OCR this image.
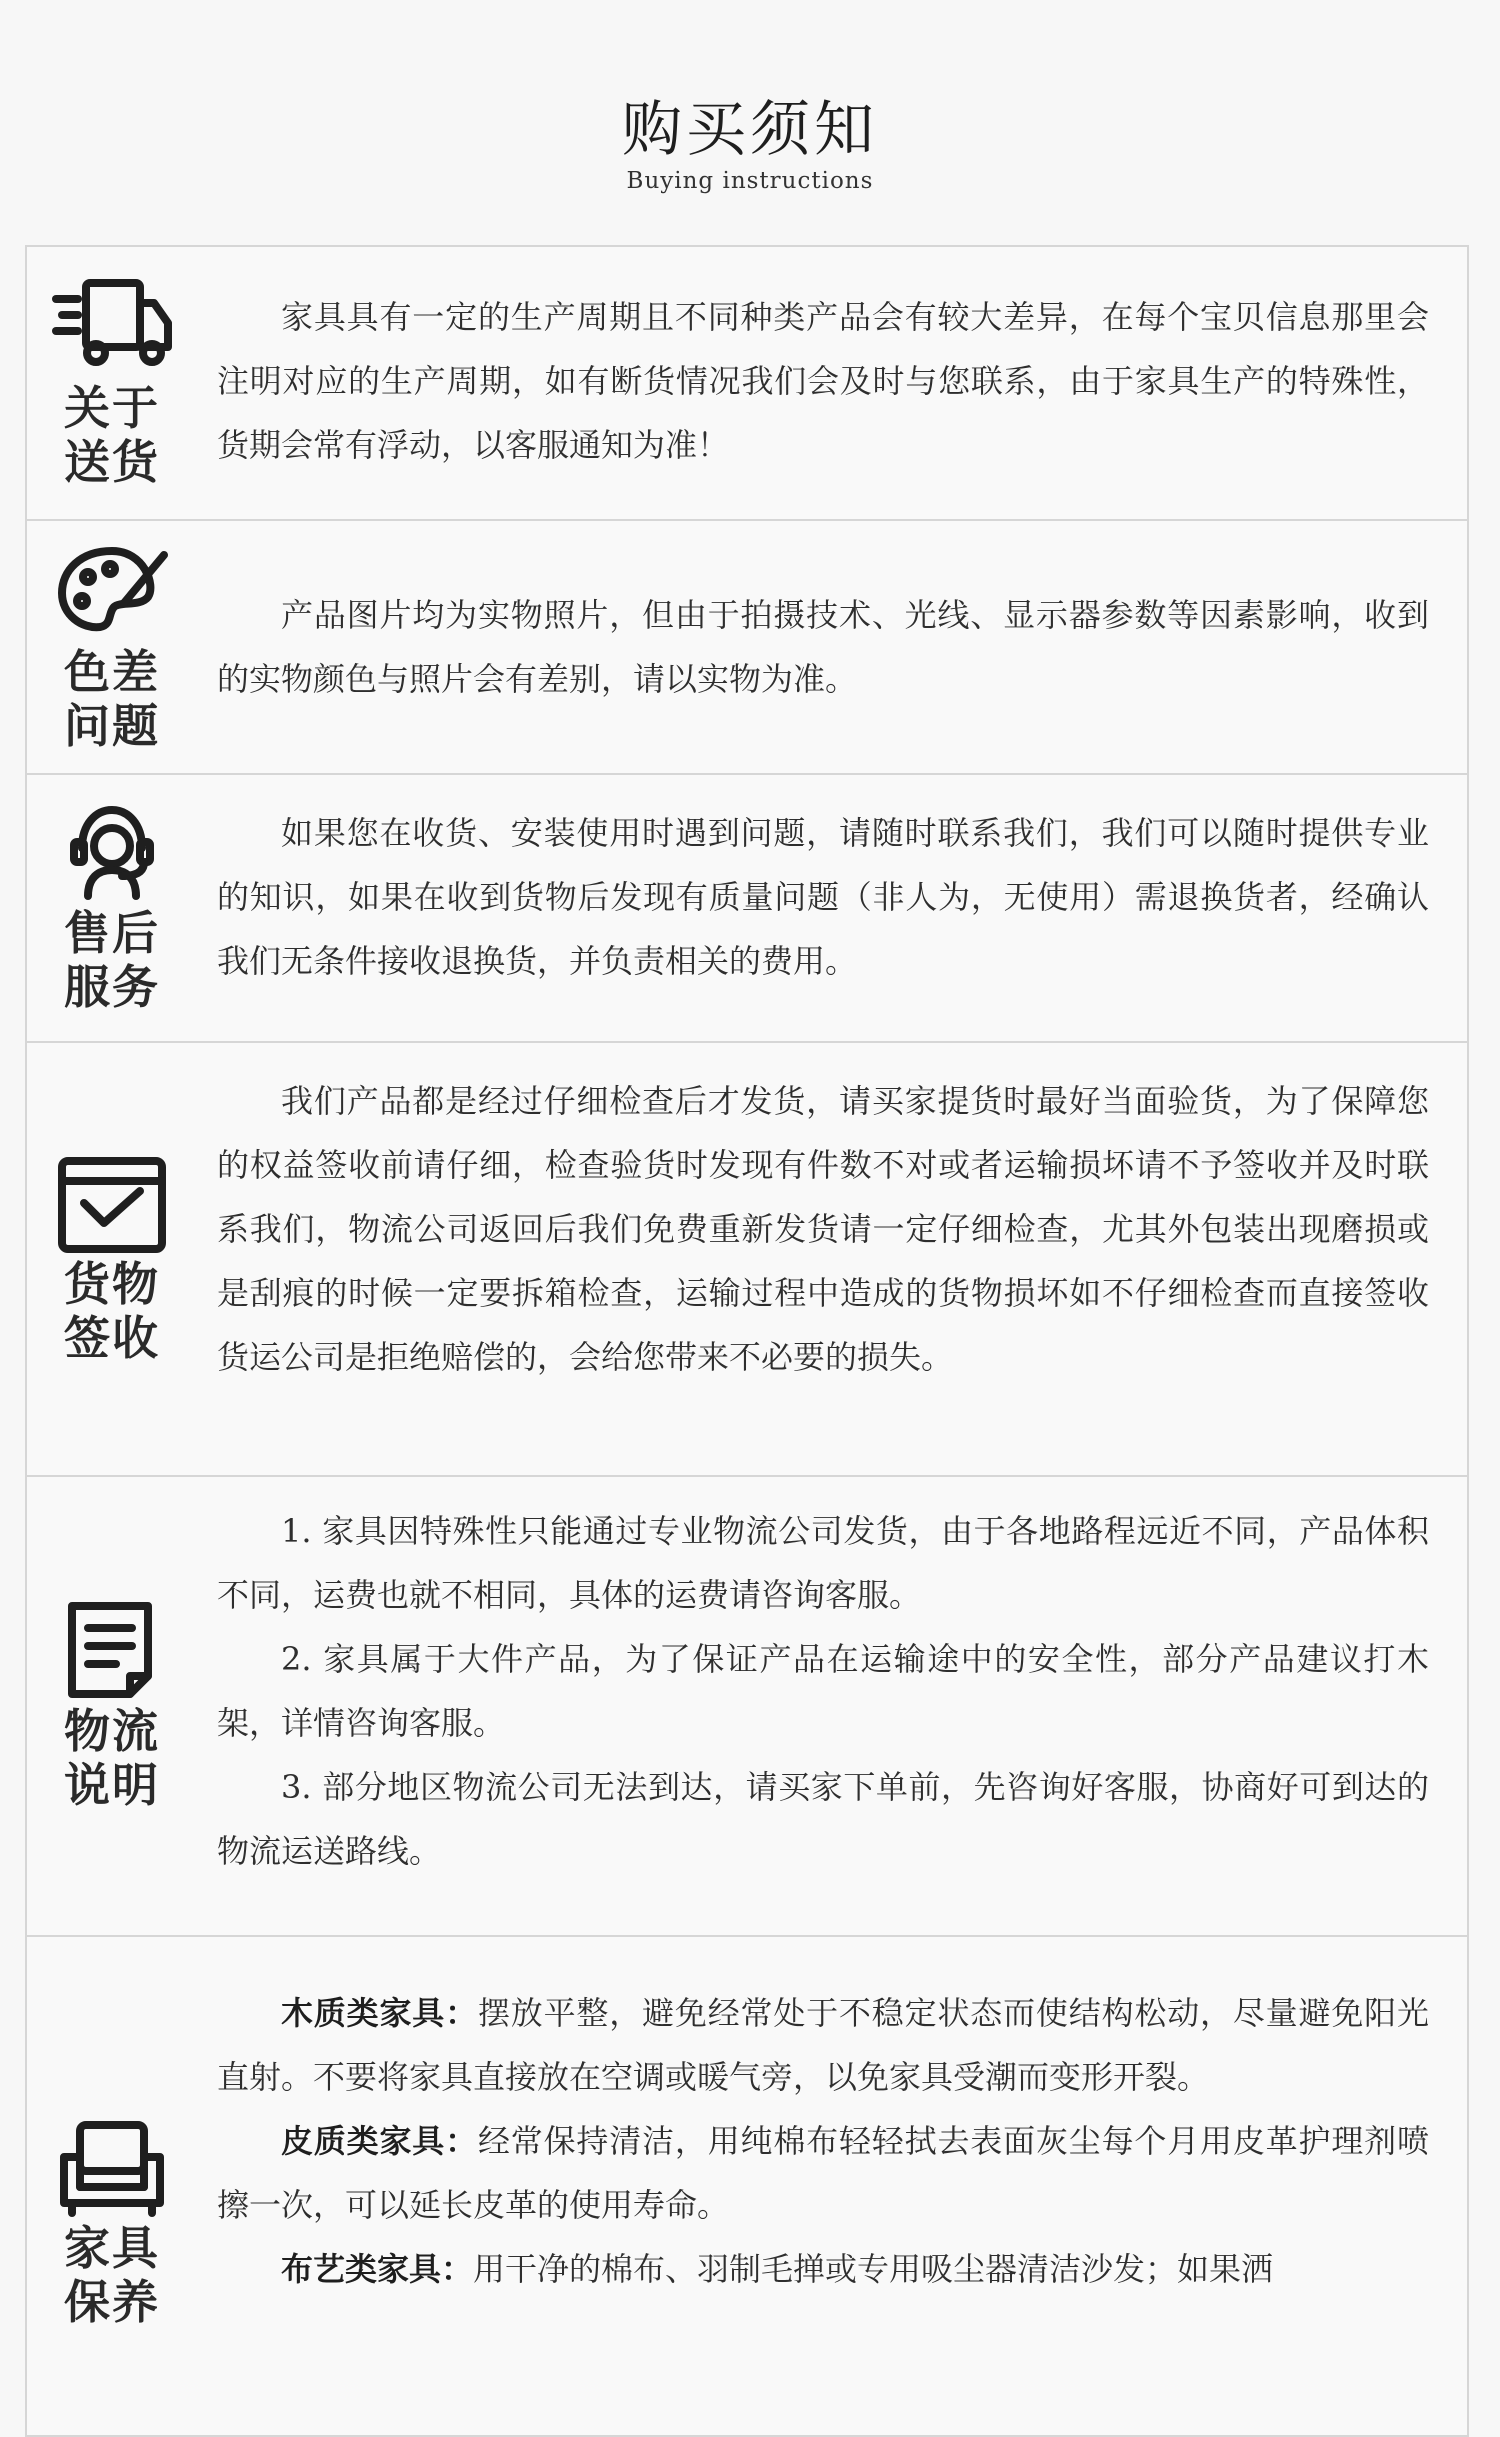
购买须知
Buying instructions
关于
送货

家具具有一定的生产周期且不同种类产品会有较大差异，在每个宝贝信息那里会注明对应的生产周期，如有断货情况我们会及时与您联系，由于家具生产的特殊性，货期会常有浮动，以客服通知为准！

色差
问题

产品图片均为实物照片，但由于拍摄技术、光线、显示器参数等因素影响，收到的实物颜色与照片会有差别，请以实物为准。

售后
服务

如果您在收货、安装使用时遇到问题，请随时联系我们，我们可以随时提供专业的知识，如果在收到货物后发现有质量问题（非人为，无使用）需退换货者，经确认我们无条件接收退换货，并负责相关的费用。

货物
签收

我们产品都是经过仔细检查后才发货，请买家提货时最好当面验货，为了保障您的权益签收前请仔细，检查验货时发现有件数不对或者运输损坏请不予签收并及时联系我们，物流公司返回后我们免费重新发货请一定仔细检查，尤其外包装出现磨损或是刮痕的时候一定要拆箱检查，运输过程中造成的货物损坏如不仔细检查而直接签收货运公司是拒绝赔偿的，会给您带来不必要的损失。

物流
说明

1. 家具因特殊性只能通过专业物流公司发货，由于各地路程远近不同，产品体积不同，运费也就不相同，具体的运费请咨询客服。

2. 家具属于大件产品，为了保证产品在运输途中的安全性，部分产品建议打木架，详情咨询客服。

3. 部分地区物流公司无法到达，请买家下单前，先咨询好客服，协商好可到达的物流运送路线。

家具
保养

木质类家具：摆放平整，避免经常处于不稳定状态而使结构松动，尽量避免阳光直射。不要将家具直接放在空调或暖气旁，以免家具受潮而变形开裂。

皮质类家具：经常保持清洁，用纯棉布轻轻拭去表面灰尘每个月用皮革护理剂喷擦一次，可以延长皮革的使用寿命。

布艺类家具：用干净的棉布、羽制毛掸或专用吸尘器清洁沙发；如果洒
